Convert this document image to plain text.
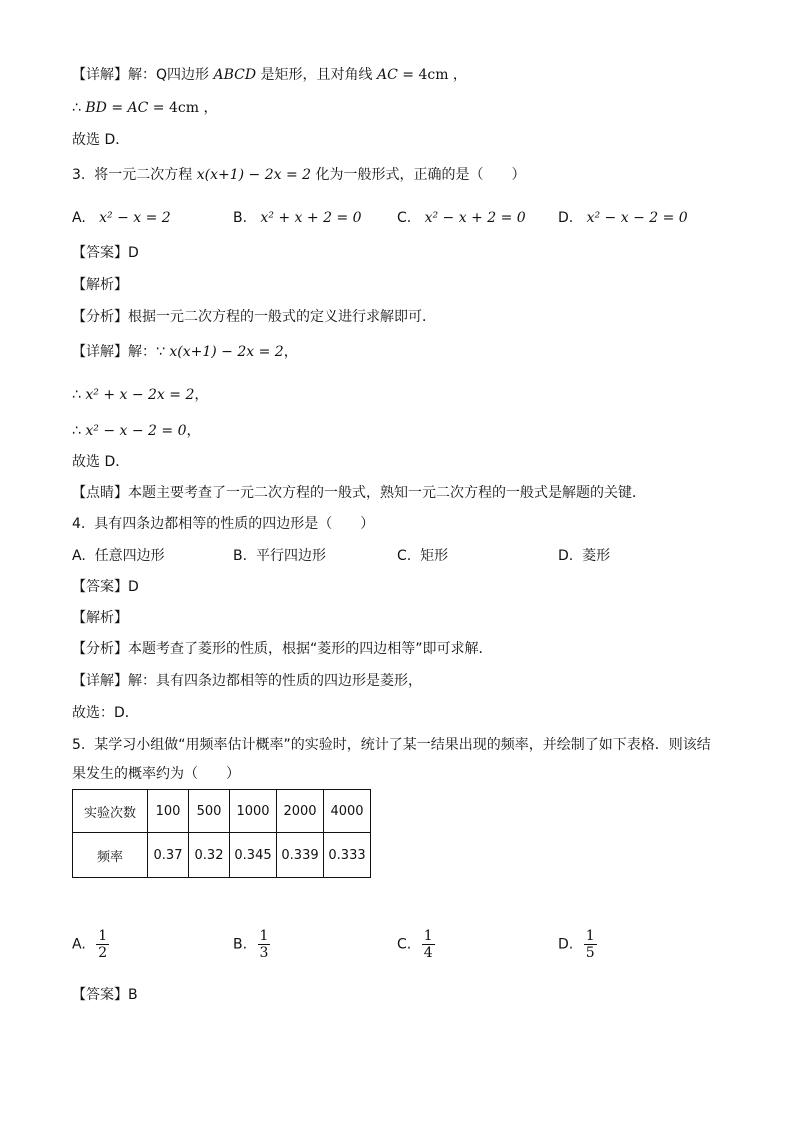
【详解】解：Q四边形 ABCD 是矩形，且对角线 AC = 4cm ，
∴ BD = AC = 4cm ，
故选 D．
3. 将一元二次方程 x(x+1) − 2x = 2 化为一般形式，正确的是（　　）
A. x² − x = 2	B. x² + x + 2 = 0	C. x² − x + 2 = 0 D. x² − x − 2 = 0
【答案】D
【解析】
【分析】根据一元二次方程的一般式的定义进行求解即可．
【详解】解：∵ x(x+1) − 2x = 2，
∴ x² + x − 2x = 2，
∴ x² − x − 2 = 0，
故选 D．
【点睛】本题主要考查了一元二次方程的一般式，熟知一元二次方程的一般式是解题的关键．
4. 具有四条边都相等的性质的四边形是（　　）
A. 任意四边形	B. 平行四边形	C. 矩形	D. 菱形
【答案】D
【解析】
【分析】本题考查了菱形的性质，根据“菱形的四边相等”即可求解．
【详解】解：具有四条边都相等的性质的四边形是菱形，
故选：D．
5. 某学习小组做“用频率估计概率”的实验时，统计了某一结果出现的频率，并绘制了如下表格．则该结
果发生的概率约为（　　）
实验次数	100	500	1000	2000	4000
频率	0.37	0.32	0.345	0.339	0.333
A. $\frac{1}{2}$	B. $\frac{1}{3}$	C. $\frac{1}{4}$	D. $\frac{1}{5}$
【答案】B
